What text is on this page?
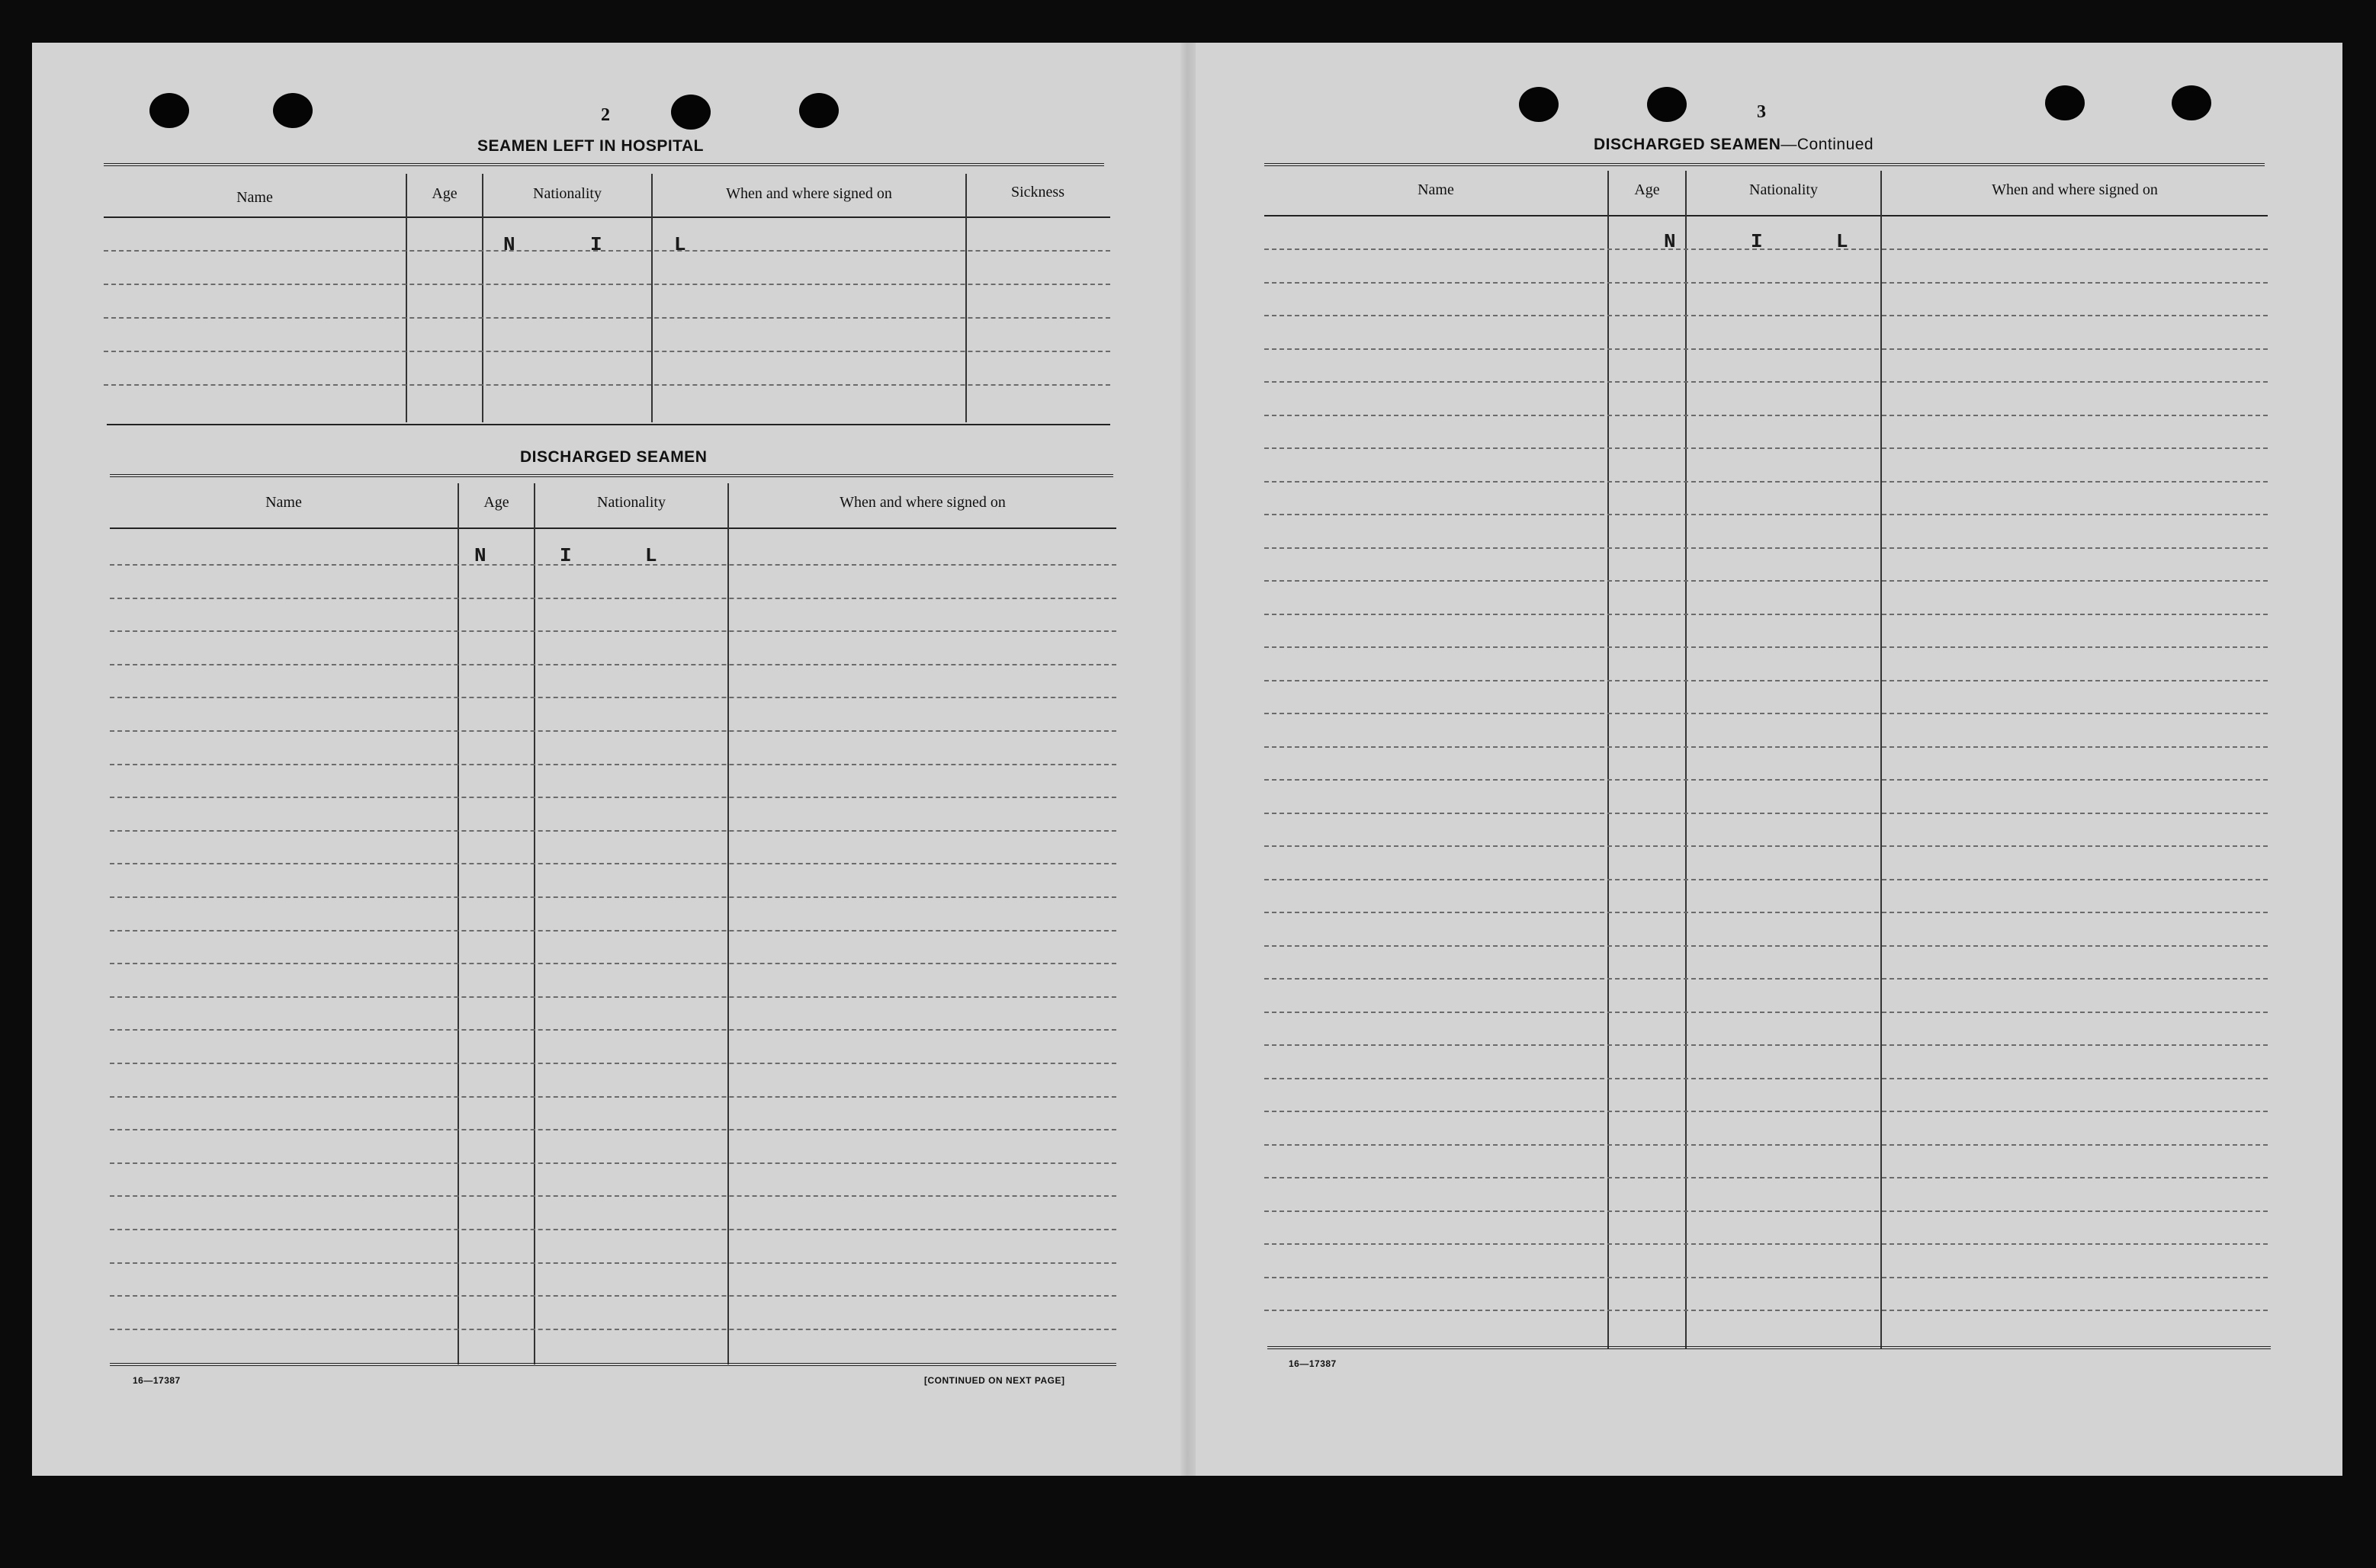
2
SEAMEN LEFT IN HOSPITAL
Name	Age	Nationality	When and where signed on	Sickness
N	I	L
DISCHARGED SEAMEN
Name	Age	Nationality	When and where signed on
N	I	L
16—17387	[CONTINUED ON NEXT PAGE]
3
DISCHARGED SEAMEN—Continued
Name	Age	Nationality	When and where signed on
N	I	L
16—17387
